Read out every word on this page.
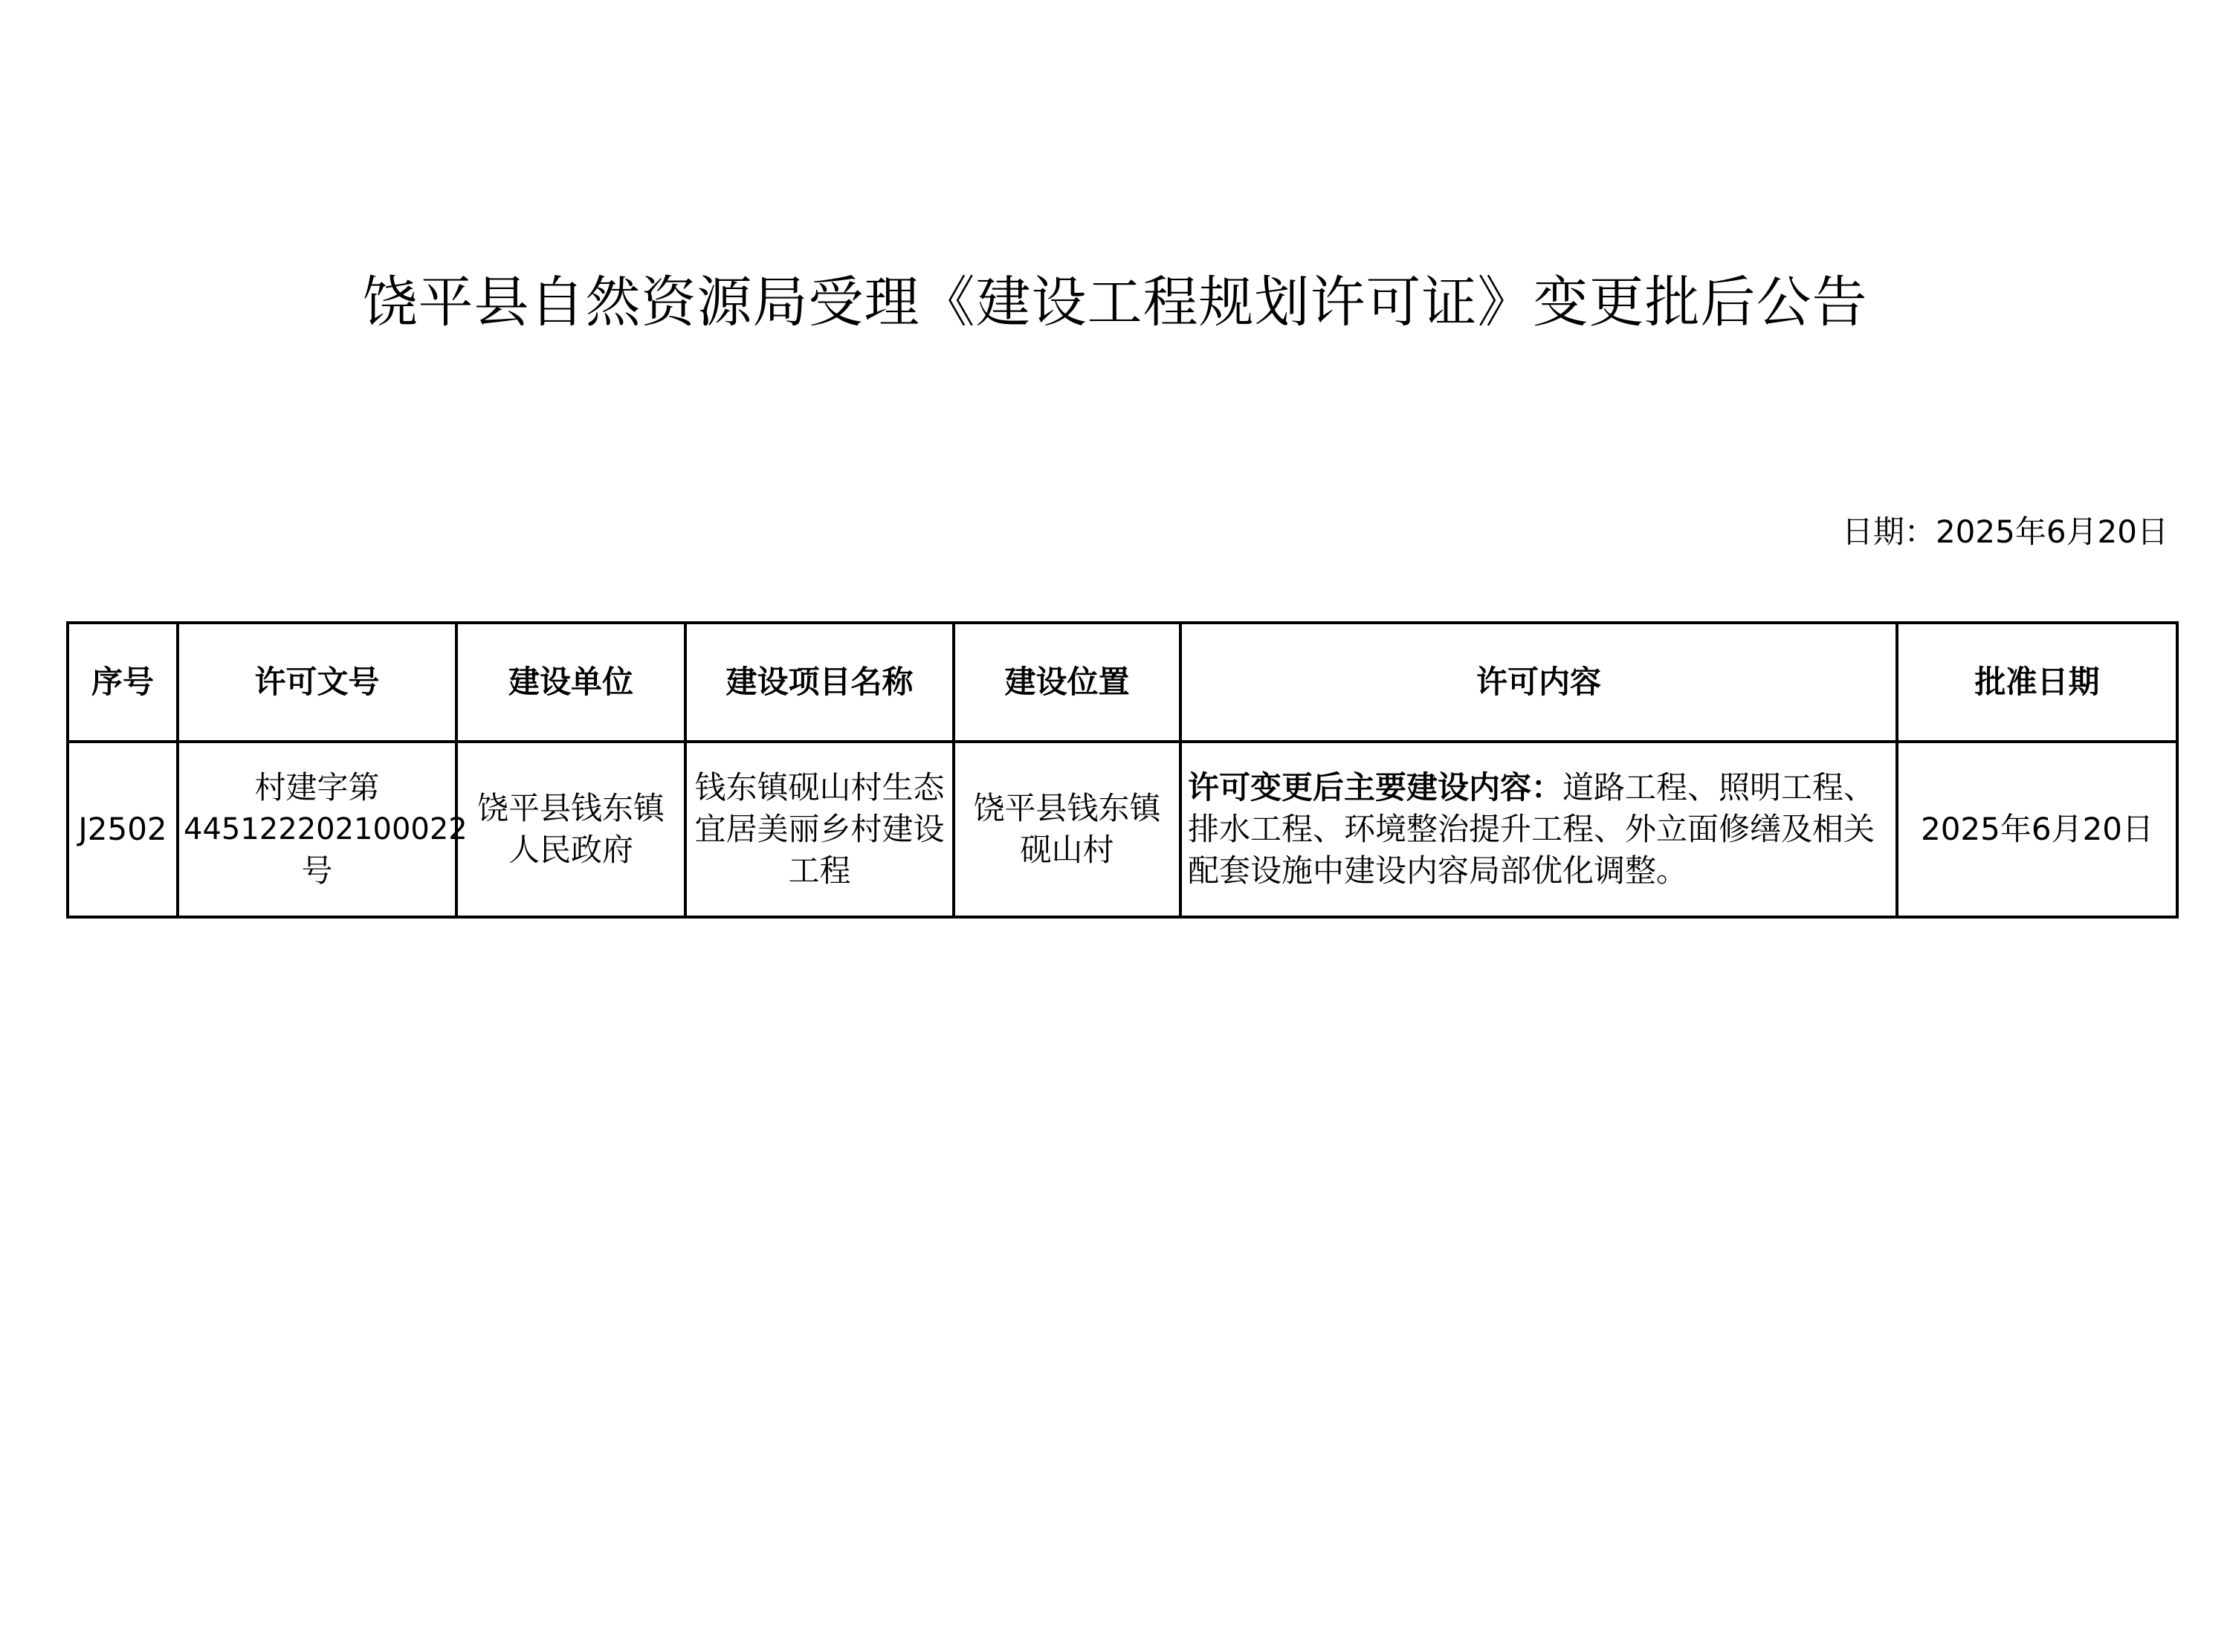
饶平县自然资源局受理《建设工程规划许可证》变更批后公告
日期：2025年6月20日
序号	许可文号	建设单位	建设项目名称	建设位置	许可内容	批准日期
J2502	村建字第
445122202100022
号	饶平县钱东镇人民政府	钱东镇砚山村生态宜居美丽乡村建设工程	饶平县钱东镇砚山村	许可变更后主要建设内容：道路工程、照明工程、排水工程、环境整治提升工程、外立面修缮及相关配套设施中建设内容局部优化调整。	2025年6月20日
